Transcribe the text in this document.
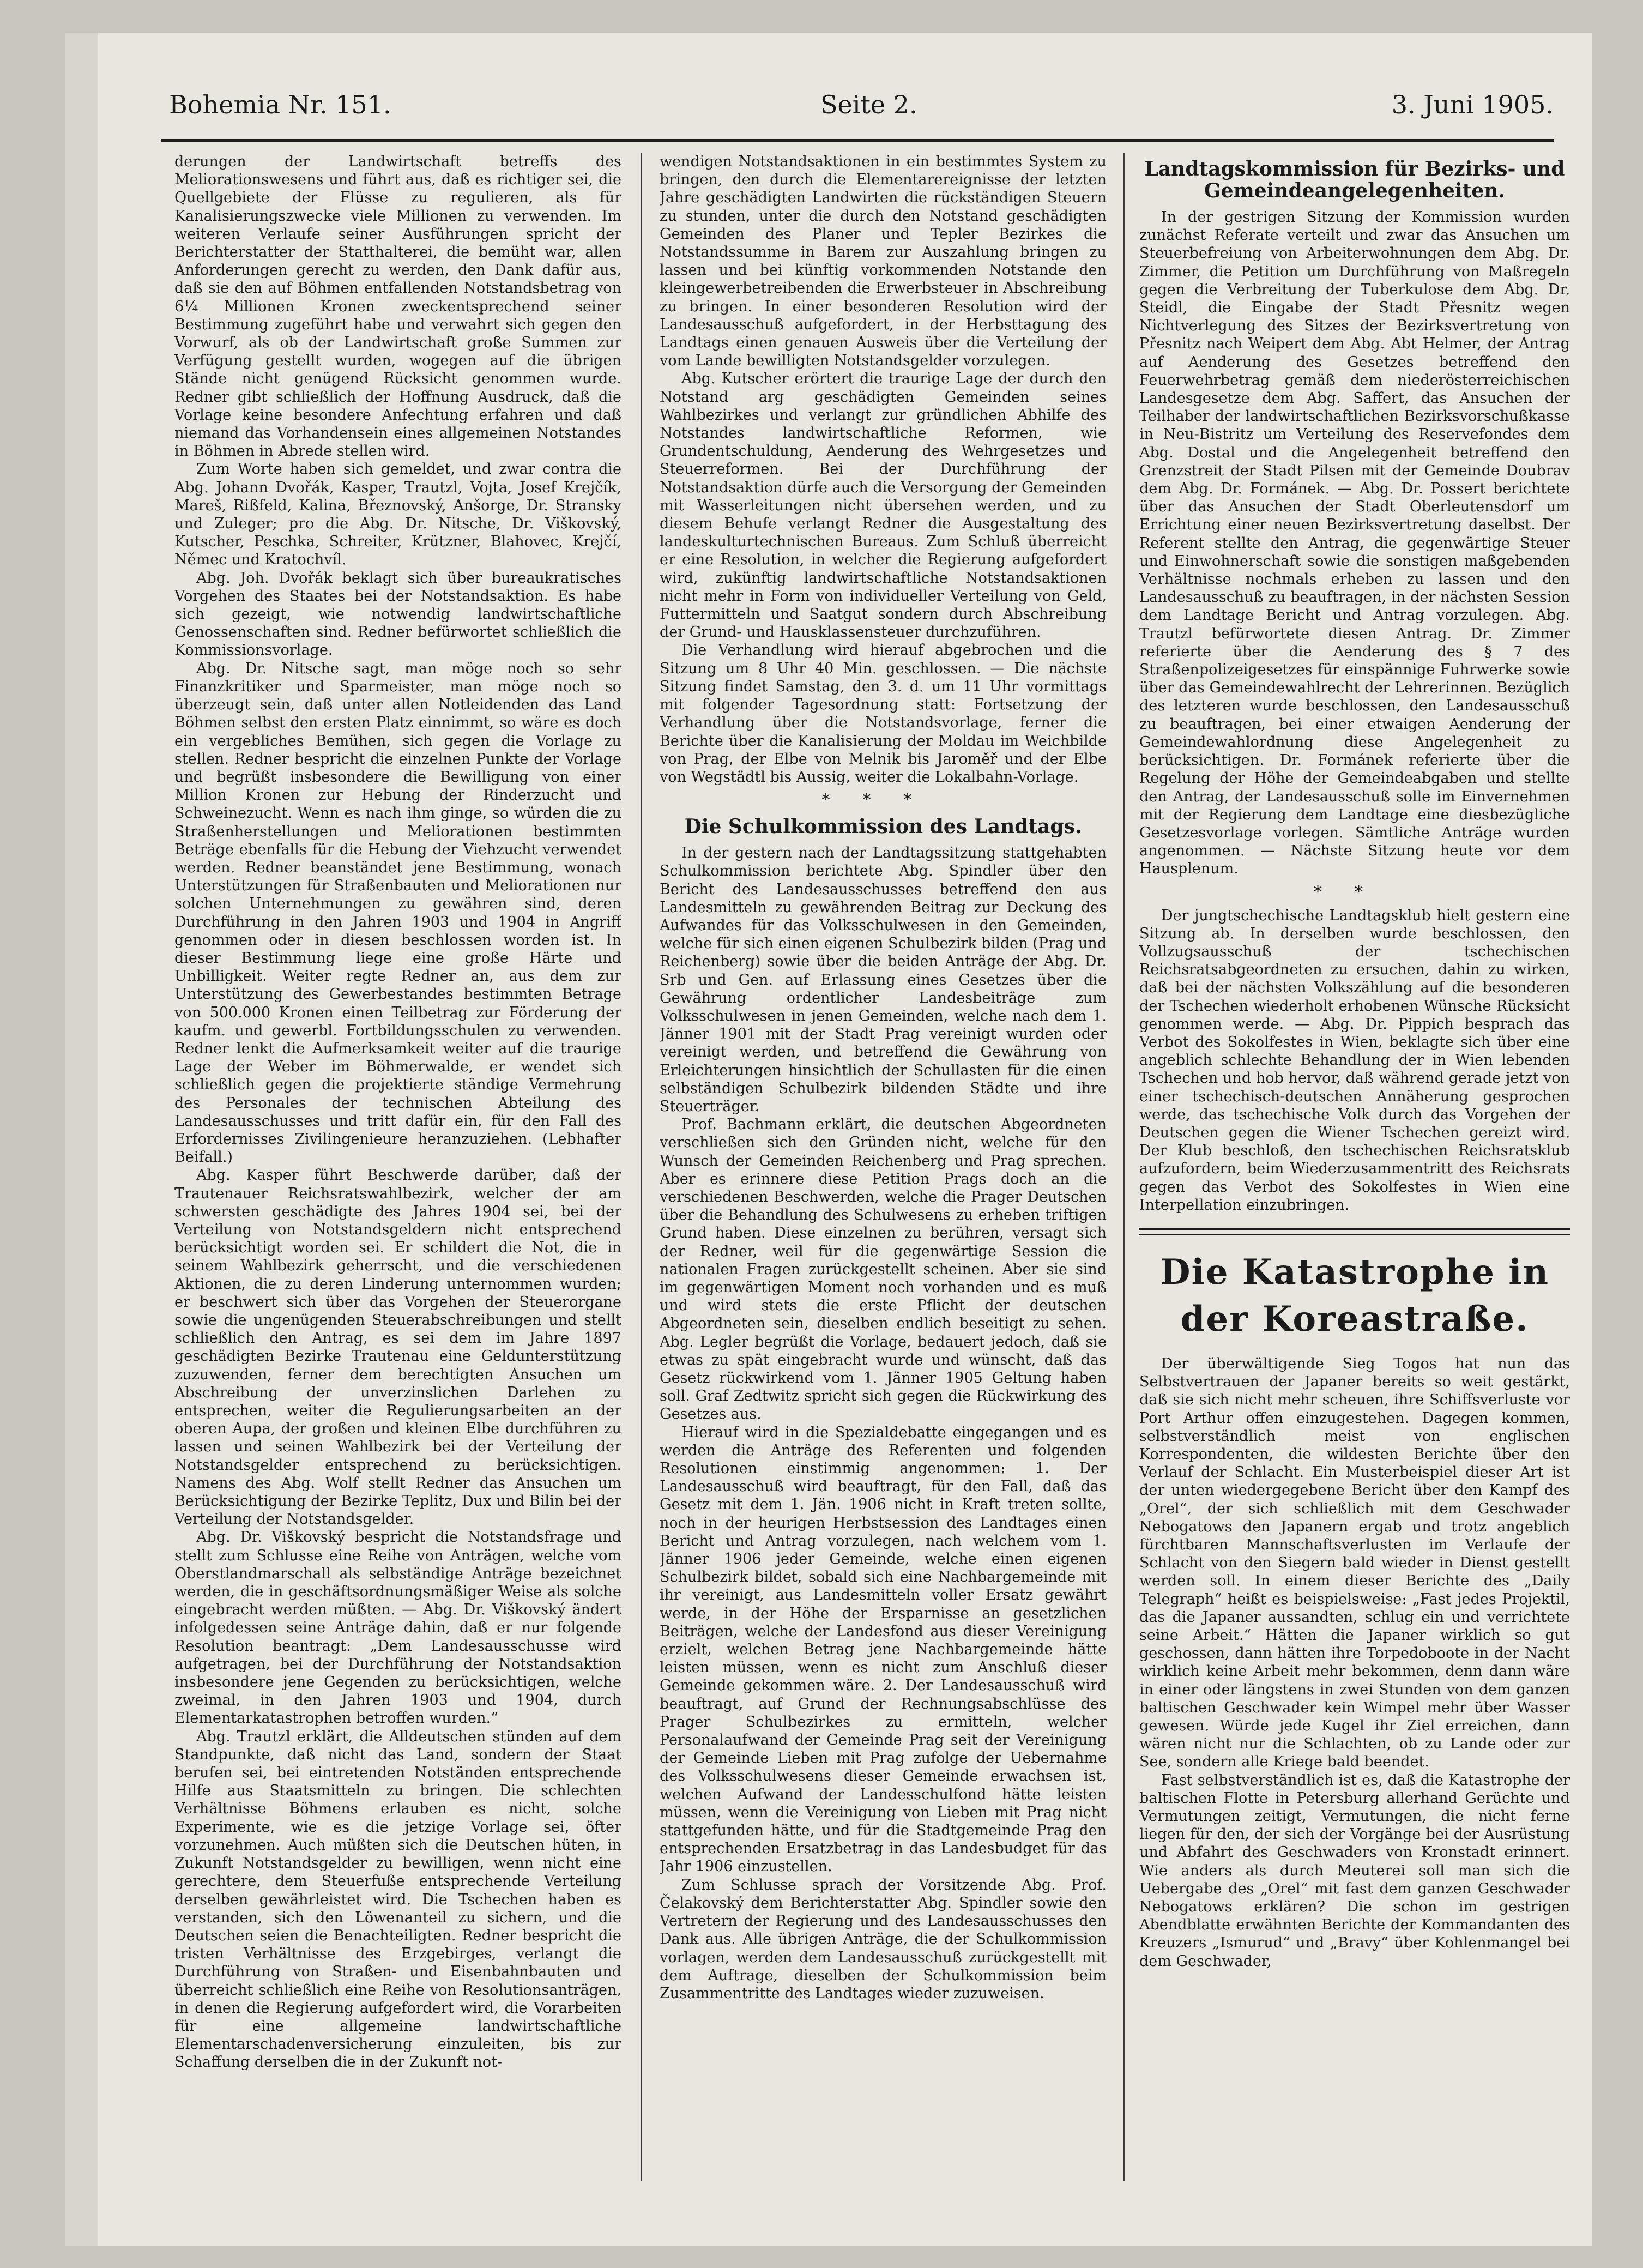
Bohemia Nr. 151.	Seite 2.	3. Juni 1905.

derungen der Landwirtschaft betreffs des Meliorationswesens und führt aus, daß es richtiger sei, die Quellgebiete der Flüsse zu regulieren, als für Kanalisierungszwecke viele Millionen zu verwenden. Im weiteren Verlaufe seiner Ausführungen spricht der Berichterstatter der Statthalterei, die bemüht war, allen Anforderungen gerecht zu werden, den Dank dafür aus, daß sie den auf Böhmen entfallenden Notstandsbetrag von 6¼ Millionen Kronen zweckentsprechend seiner Bestimmung zugeführt habe und verwahrt sich gegen den Vorwurf, als ob der Landwirtschaft große Summen zur Verfügung gestellt wurden, wogegen auf die übrigen Stände nicht genügend Rücksicht genommen wurde. Redner gibt schließlich der Hoffnung Ausdruck, daß die Vorlage keine besondere Anfechtung erfahren und daß niemand das Vorhandensein eines allgemeinen Notstandes in Böhmen in Abrede stellen wird.

Zum Worte haben sich gemeldet, und zwar contra die Abg. Johann Dvořák, Kasper, Trautzl, Vojta, Josef Krejčík, Mareš, Rißfeld, Kalina, Březnovský, Anšorge, Dr. Stransky und Zuleger; pro die Abg. Dr. Nitsche, Dr. Viškovský, Kutscher, Peschka, Schreiter, Krützner, Blahovec, Krejčí, Němec und Kratochvíl.

Abg. Joh. Dvořák beklagt sich über bureaukratisches Vorgehen des Staates bei der Notstandsaktion. Es habe sich gezeigt, wie notwendig landwirtschaftliche Genossenschaften sind. Redner befürwortet schließlich die Kommissionsvorlage.

Abg. Dr. Nitsche sagt, man möge noch so sehr Finanzkritiker und Sparmeister, man möge noch so überzeugt sein, daß unter allen Notleidenden das Land Böhmen selbst den ersten Platz einnimmt, so wäre es doch ein vergebliches Bemühen, sich gegen die Vorlage zu stellen. Redner bespricht die einzelnen Punkte der Vorlage und begrüßt insbesondere die Bewilligung von einer Million Kronen zur Hebung der Rinderzucht und Schweinezucht. Wenn es nach ihm ginge, so würden die zu Straßenherstellungen und Meliorationen bestimmten Beträge ebenfalls für die Hebung der Viehzucht verwendet werden. Redner beanständet jene Bestimmung, wonach Unterstützungen für Straßenbauten und Meliorationen nur solchen Unternehmungen zu gewähren sind, deren Durchführung in den Jahren 1903 und 1904 in Angriff genommen oder in diesen beschlossen worden ist. In dieser Bestimmung liege eine große Härte und Unbilligkeit. Weiter regte Redner an, aus dem zur Unterstützung des Gewerbestandes bestimmten Betrage von 500.000 Kronen einen Teilbetrag zur Förderung der kaufm. und gewerbl. Fortbildungsschulen zu verwenden. Redner lenkt die Aufmerksamkeit weiter auf die traurige Lage der Weber im Böhmerwalde, er wendet sich schließlich gegen die projektierte ständige Vermehrung des Personales der technischen Abteilung des Landesausschusses und tritt dafür ein, für den Fall des Erfordernisses Zivilingenieure heranzuziehen. (Lebhafter Beifall.)

Abg. Kasper führt Beschwerde darüber, daß der Trautenauer Reichsratswahlbezirk, welcher der am schwersten geschädigte des Jahres 1904 sei, bei der Verteilung von Notstandsgeldern nicht entsprechend berücksichtigt worden sei. Er schildert die Not, die in seinem Wahlbezirk geherrscht, und die verschiedenen Aktionen, die zu deren Linderung unternommen wurden; er beschwert sich über das Vorgehen der Steuerorgane sowie die ungenügenden Steuerabschreibungen und stellt schließlich den Antrag, es sei dem im Jahre 1897 geschädigten Bezirke Trautenau eine Geldunterstützung zuzuwenden, ferner dem berechtigten Ansuchen um Abschreibung der unverzinslichen Darlehen zu entsprechen, weiter die Regulierungsarbeiten an der oberen Aupa, der großen und kleinen Elbe durchführen zu lassen und seinen Wahlbezirk bei der Verteilung der Notstandsgelder entsprechend zu berücksichtigen. Namens des Abg. Wolf stellt Redner das Ansuchen um Berücksichtigung der Bezirke Teplitz, Dux und Bilin bei der Verteilung der Notstandsgelder.

Abg. Dr. Viškovský bespricht die Notstandsfrage und stellt zum Schlusse eine Reihe von Anträgen, welche vom Oberstlandmarschall als selbständige Anträge bezeichnet werden, die in geschäftsordnungsmäßiger Weise als solche eingebracht werden müßten. — Abg. Dr. Viškovský ändert infolgedessen seine Anträge dahin, daß er nur folgende Resolution beantragt: „Dem Landesausschusse wird aufgetragen, bei der Durchführung der Notstandsaktion insbesondere jene Gegenden zu berücksichtigen, welche zweimal, in den Jahren 1903 und 1904, durch Elementarkatastrophen betroffen wurden.“

Abg. Trautzl erklärt, die Alldeutschen stünden auf dem Standpunkte, daß nicht das Land, sondern der Staat berufen sei, bei eintretenden Notständen entsprechende Hilfe aus Staatsmitteln zu bringen. Die schlechten Verhältnisse Böhmens erlauben es nicht, solche Experimente, wie es die jetzige Vorlage sei, öfter vorzunehmen. Auch müßten sich die Deutschen hüten, in Zukunft Notstandsgelder zu bewilligen, wenn nicht eine gerechtere, dem Steuerfuße entsprechende Verteilung derselben gewährleistet wird. Die Tschechen haben es verstanden, sich den Löwenanteil zu sichern, und die Deutschen seien die Benachteiligten. Redner bespricht die tristen Verhältnisse des Erzgebirges, verlangt die Durchführung von Straßen- und Eisenbahnbauten und überreicht schließlich eine Reihe von Resolutionsanträgen, in denen die Regierung aufgefordert wird, die Vorarbeiten für eine allgemeine landwirtschaftliche Elementarschadenversicherung einzuleiten, bis zur Schaffung derselben die in der Zukunft not-

wendigen Notstandsaktionen in ein bestimmtes System zu bringen, den durch die Elementarereignisse der letzten Jahre geschädigten Landwirten die rückständigen Steuern zu stunden, unter die durch den Notstand geschädigten Gemeinden des Planer und Tepler Bezirkes die Notstandssumme in Barem zur Auszahlung bringen zu lassen und bei künftig vorkommenden Notstande den kleingewerbetreibenden die Erwerbsteuer in Abschreibung zu bringen. In einer besonderen Resolution wird der Landesausschuß aufgefordert, in der Herbsttagung des Landtags einen genauen Ausweis über die Verteilung der vom Lande bewilligten Notstandsgelder vorzulegen.

Abg. Kutscher erörtert die traurige Lage der durch den Notstand arg geschädigten Gemeinden seines Wahlbezirkes und verlangt zur gründlichen Abhilfe des Notstandes landwirtschaftliche Reformen, wie Grundentschuldung, Aenderung des Wehrgesetzes und Steuerreformen. Bei der Durchführung der Notstandsaktion dürfe auch die Versorgung der Gemeinden mit Wasserleitungen nicht übersehen werden, und zu diesem Behufe verlangt Redner die Ausgestaltung des landeskulturtechnischen Bureaus. Zum Schluß überreicht er eine Resolution, in welcher die Regierung aufgefordert wird, zukünftig landwirtschaftliche Notstandsaktionen nicht mehr in Form von individueller Verteilung von Geld, Futtermitteln und Saatgut sondern durch Abschreibung der Grund- und Hausklassensteuer durchzuführen.

Die Verhandlung wird hierauf abgebrochen und die Sitzung um 8 Uhr 40 Min. geschlossen. — Die nächste Sitzung findet Samstag, den 3. d. um 11 Uhr vormittags mit folgender Tagesordnung statt: Fortsetzung der Verhandlung über die Notstandsvorlage, ferner die Berichte über die Kanalisierung der Moldau im Weichbilde von Prag, der Elbe von Melnik bis Jaroměř und der Elbe von Wegstädtl bis Aussig, weiter die Lokalbahn-Vorlage.

***
Die Schulkommission des Landtags.

In der gestern nach der Landtagssitzung stattgehabten Schulkommission berichtete Abg. Spindler über den Bericht des Landesausschusses betreffend den aus Landesmitteln zu gewährenden Beitrag zur Deckung des Aufwandes für das Volksschulwesen in den Gemeinden, welche für sich einen eigenen Schulbezirk bilden (Prag und Reichenberg) sowie über die beiden Anträge der Abg. Dr. Srb und Gen. auf Erlassung eines Gesetzes über die Gewährung ordentlicher Landesbeiträge zum Volksschulwesen in jenen Gemeinden, welche nach dem 1. Jänner 1901 mit der Stadt Prag vereinigt wurden oder vereinigt werden, und betreffend die Gewährung von Erleichterungen hinsichtlich der Schullasten für die einen selbständigen Schulbezirk bildenden Städte und ihre Steuerträger.

Prof. Bachmann erklärt, die deutschen Abgeordneten verschließen sich den Gründen nicht, welche für den Wunsch der Gemeinden Reichenberg und Prag sprechen. Aber es erinnere diese Petition Prags doch an die verschiedenen Beschwerden, welche die Prager Deutschen über die Behandlung des Schulwesens zu erheben triftigen Grund haben. Diese einzelnen zu berühren, versagt sich der Redner, weil für die gegenwärtige Session die nationalen Fragen zurückgestellt scheinen. Aber sie sind im gegenwärtigen Moment noch vorhanden und es muß und wird stets die erste Pflicht der deutschen Abgeordneten sein, dieselben endlich beseitigt zu sehen. Abg. Legler begrüßt die Vorlage, bedauert jedoch, daß sie etwas zu spät eingebracht wurde und wünscht, daß das Gesetz rückwirkend vom 1. Jänner 1905 Geltung haben soll. Graf Zedtwitz spricht sich gegen die Rückwirkung des Gesetzes aus.

Hierauf wird in die Spezialdebatte eingegangen und es werden die Anträge des Referenten und folgenden Resolutionen einstimmig angenommen: 1. Der Landesausschuß wird beauftragt, für den Fall, daß das Gesetz mit dem 1. Jän. 1906 nicht in Kraft treten sollte, noch in der heurigen Herbstsession des Landtages einen Bericht und Antrag vorzulegen, nach welchem vom 1. Jänner 1906 jeder Gemeinde, welche einen eigenen Schulbezirk bildet, sobald sich eine Nachbargemeinde mit ihr vereinigt, aus Landesmitteln voller Ersatz gewährt werde, in der Höhe der Ersparnisse an gesetzlichen Beiträgen, welche der Landesfond aus dieser Vereinigung erzielt, welchen Betrag jene Nachbargemeinde hätte leisten müssen, wenn es nicht zum Anschluß dieser Gemeinde gekommen wäre. 2. Der Landesausschuß wird beauftragt, auf Grund der Rechnungsabschlüsse des Prager Schulbezirkes zu ermitteln, welcher Personalaufwand der Gemeinde Prag seit der Vereinigung der Gemeinde Lieben mit Prag zufolge der Uebernahme des Volksschulwesens dieser Gemeinde erwachsen ist, welchen Aufwand der Landesschulfond hätte leisten müssen, wenn die Vereinigung von Lieben mit Prag nicht stattgefunden hätte, und für die Stadtgemeinde Prag den entsprechenden Ersatzbetrag in das Landesbudget für das Jahr 1906 einzustellen.

Zum Schlusse sprach der Vorsitzende Abg. Prof. Čelakovský dem Berichterstatter Abg. Spindler sowie den Vertretern der Regierung und des Landesausschusses den Dank aus. Alle übrigen Anträge, die der Schulkommission vorlagen, werden dem Landesausschuß zurückgestellt mit dem Auftrage, dieselben der Schulkommission beim Zusammentritte des Landtages wieder zuzuweisen.

Landtagskommission für Bezirks- und Gemeindeangelegenheiten.

In der gestrigen Sitzung der Kommission wurden zunächst Referate verteilt und zwar das Ansuchen um Steuerbefreiung von Arbeiterwohnungen dem Abg. Dr. Zimmer, die Petition um Durchführung von Maßregeln gegen die Verbreitung der Tuberkulose dem Abg. Dr. Steidl, die Eingabe der Stadt Přesnitz wegen Nichtverlegung des Sitzes der Bezirksvertretung von Přesnitz nach Weipert dem Abg. Abt Helmer, der Antrag auf Aenderung des Gesetzes betreffend den Feuerwehrbetrag gemäß dem niederösterreichischen Landesgesetze dem Abg. Saffert, das Ansuchen der Teilhaber der landwirtschaftlichen Bezirksvorschußkasse in Neu-Bistritz um Verteilung des Reservefondes dem Abg. Dostal und die Angelegenheit betreffend den Grenzstreit der Stadt Pilsen mit der Gemeinde Doubrav dem Abg. Dr. Formánek. — Abg. Dr. Possert berichtete über das Ansuchen der Stadt Oberleutensdorf um Errichtung einer neuen Bezirksvertretung daselbst. Der Referent stellte den Antrag, die gegenwärtige Steuer und Einwohnerschaft sowie die sonstigen maßgebenden Verhältnisse nochmals erheben zu lassen und den Landesausschuß zu beauftragen, in der nächsten Session dem Landtage Bericht und Antrag vorzulegen. Abg. Trautzl befürwortete diesen Antrag. Dr. Zimmer referierte über die Aenderung des § 7 des Straßenpolizeigesetzes für einspännige Fuhrwerke sowie über das Gemeindewahlrecht der Lehrerinnen. Bezüglich des letzteren wurde beschlossen, den Landesausschuß zu beauftragen, bei einer etwaigen Aenderung der Gemeindewahlordnung diese Angelegenheit zu berücksichtigen. Dr. Formánek referierte über die Regelung der Höhe der Gemeindeabgaben und stellte den Antrag, der Landesausschuß solle im Einvernehmen mit der Regierung dem Landtage eine diesbezügliche Gesetzesvorlage vorlegen. Sämtliche Anträge wurden angenommen. — Nächste Sitzung heute vor dem Hausplenum.

**

Der jungtschechische Landtagsklub hielt gestern eine Sitzung ab. In derselben wurde beschlossen, den Vollzugsausschuß der tschechischen Reichsratsabgeordneten zu ersuchen, dahin zu wirken, daß bei der nächsten Volkszählung auf die besonderen der Tschechen wiederholt erhobenen Wünsche Rücksicht genommen werde. — Abg. Dr. Pippich besprach das Verbot des Sokolfestes in Wien, beklagte sich über eine angeblich schlechte Behandlung der in Wien lebenden Tschechen und hob hervor, daß während gerade jetzt von einer tschechisch-deutschen Annäherung gesprochen werde, das tschechische Volk durch das Vorgehen der Deutschen gegen die Wiener Tschechen gereizt wird. Der Klub beschloß, den tschechischen Reichsratsklub aufzufordern, beim Wiederzusammentritt des Reichsrats gegen das Verbot des Sokolfestes in Wien eine Interpellation einzubringen.

Die Katastrophe in der Koreastraße.

Der überwältigende Sieg Togos hat nun das Selbstvertrauen der Japaner bereits so weit gestärkt, daß sie sich nicht mehr scheuen, ihre Schiffsverluste vor Port Arthur offen einzugestehen. Dagegen kommen, selbstverständlich meist von englischen Korrespondenten, die wildesten Berichte über den Verlauf der Schlacht. Ein Musterbeispiel dieser Art ist der unten wiedergegebene Bericht über den Kampf des „Orel“, der sich schließlich mit dem Geschwader Nebogatows den Japanern ergab und trotz angeblich fürchtbaren Mannschaftsverlusten im Verlaufe der Schlacht von den Siegern bald wieder in Dienst gestellt werden soll. In einem dieser Berichte des „Daily Telegraph“ heißt es beispielsweise: „Fast jedes Projektil, das die Japaner aussandten, schlug ein und verrichtete seine Arbeit.“ Hätten die Japaner wirklich so gut geschossen, dann hätten ihre Torpedoboote in der Nacht wirklich keine Arbeit mehr bekommen, denn dann wäre in einer oder längstens in zwei Stunden von dem ganzen baltischen Geschwader kein Wimpel mehr über Wasser gewesen. Würde jede Kugel ihr Ziel erreichen, dann wären nicht nur die Schlachten, ob zu Lande oder zur See, sondern alle Kriege bald beendet.

Fast selbstverständlich ist es, daß die Katastrophe der baltischen Flotte in Petersburg allerhand Gerüchte und Vermutungen zeitigt, Vermutungen, die nicht ferne liegen für den, der sich der Vorgänge bei der Ausrüstung und Abfahrt des Geschwaders von Kronstadt erinnert. Wie anders als durch Meuterei soll man sich die Uebergabe des „Orel“ mit fast dem ganzen Geschwader Nebogatows erklären? Die schon im gestrigen Abendblatte erwähnten Berichte der Kommandanten des Kreuzers „Ismurud“ und „Bravy“ über Kohlenmangel bei dem Geschwader,
